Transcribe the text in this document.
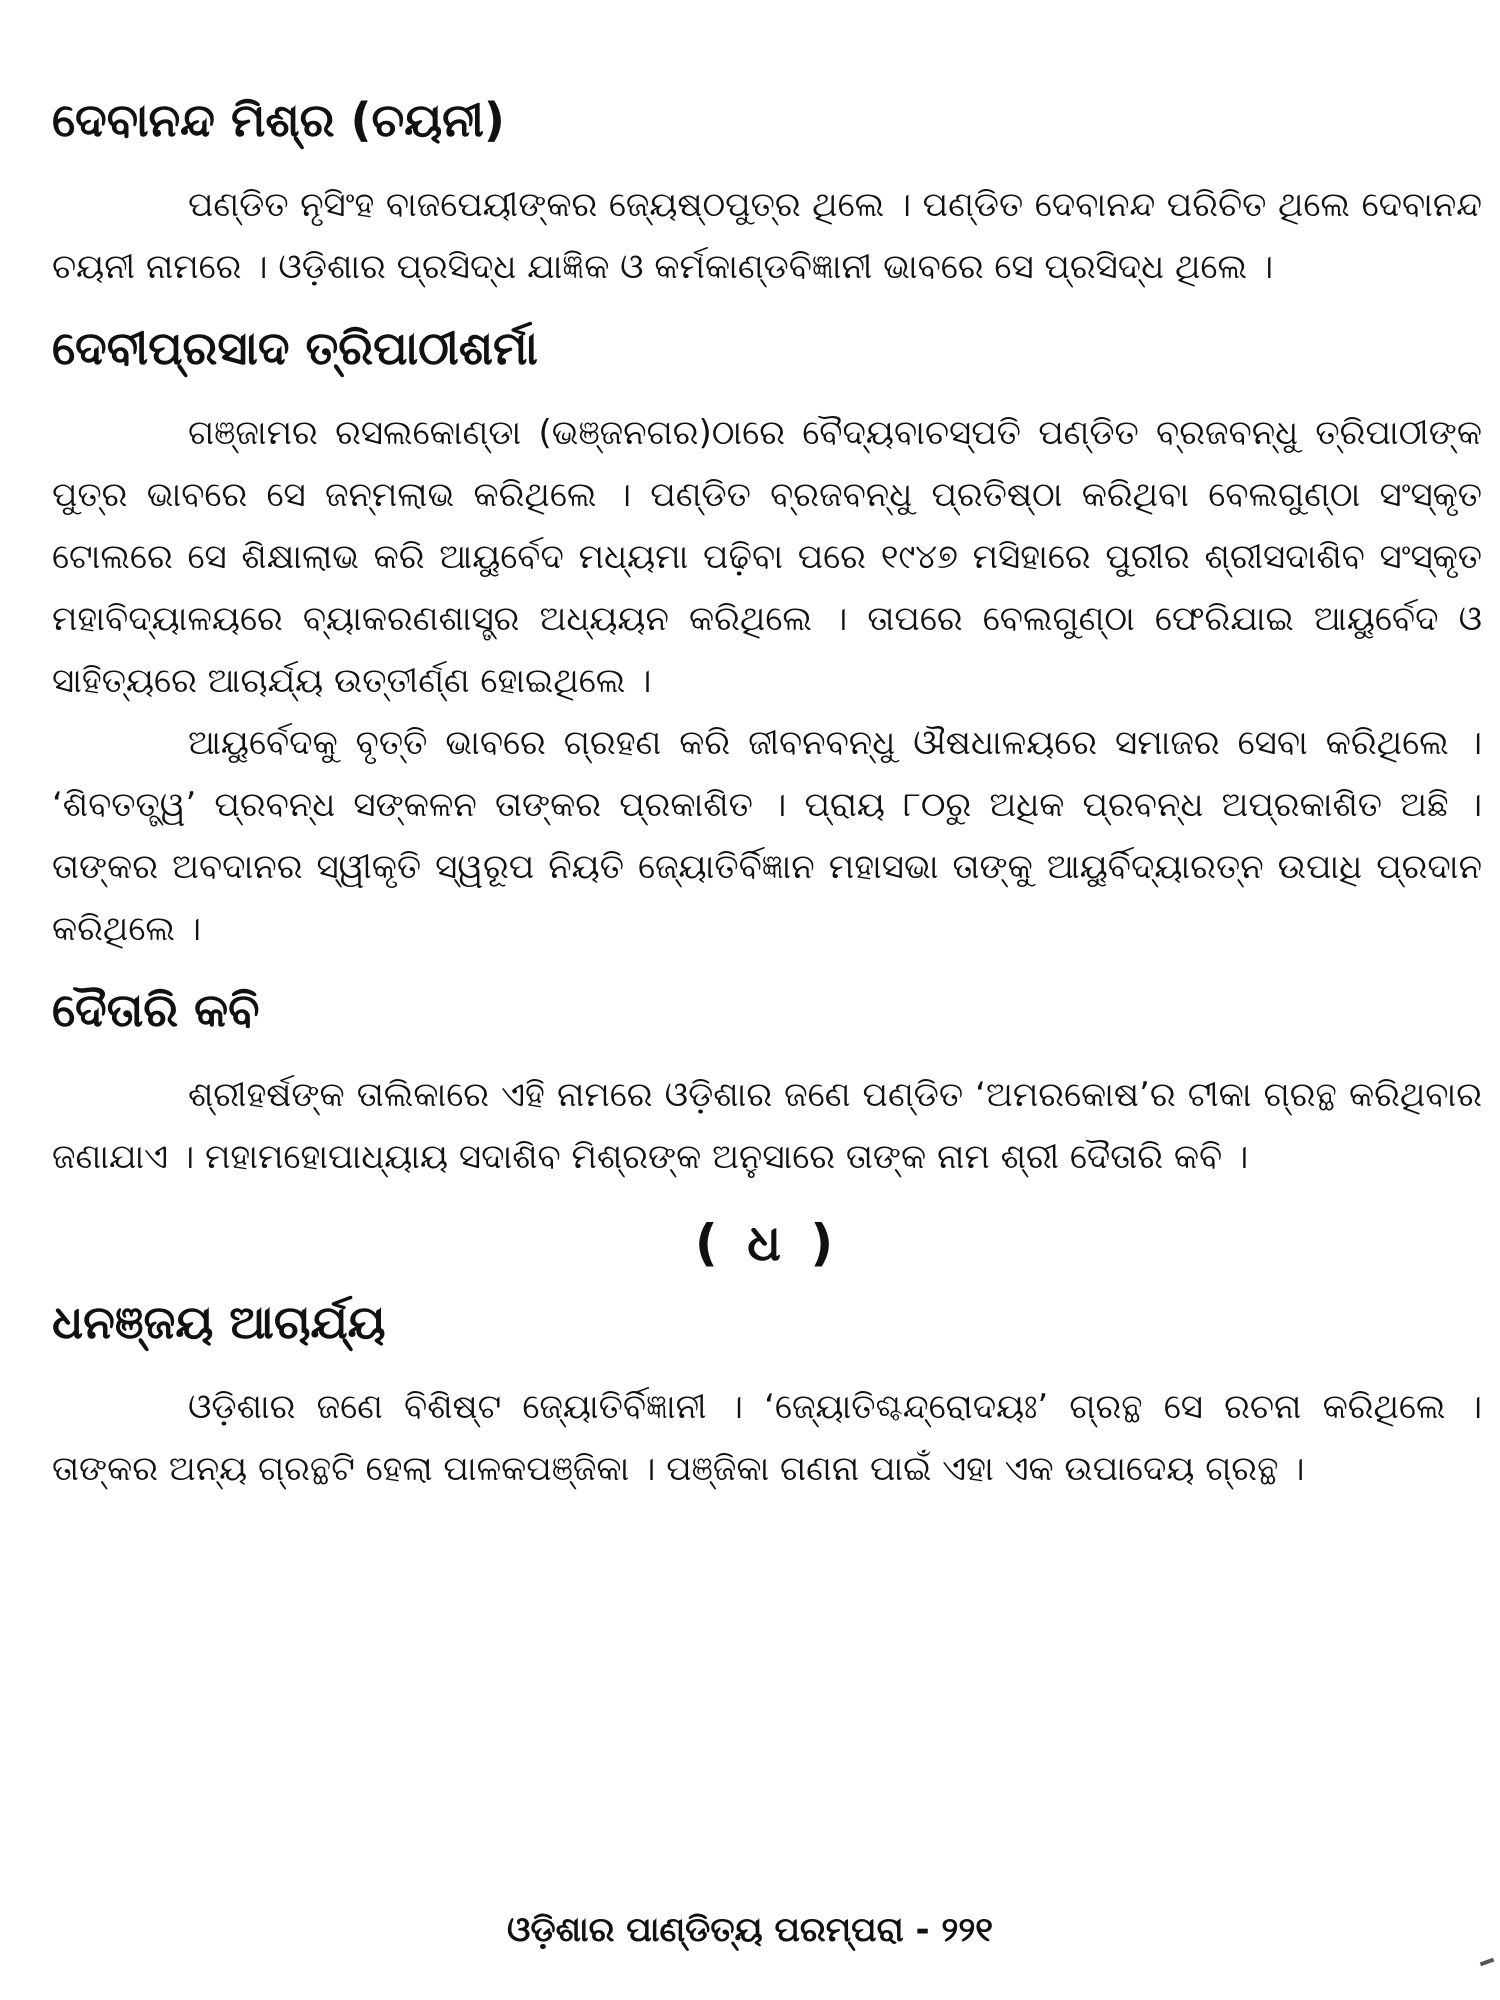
ଦେବାନନ୍ଦ ମିଶ୍ର (ଚୟନୀ)

ପଣ୍ଡିତ ନୃସିଂହ ବାଜପେୟୀଙ୍କର ଜ୍ୟେଷ୍ଠପୁତ୍ର ଥିଲେ । ପଣ୍ଡିତ ଦେବାନନ୍ଦ ପରିଚିତ ଥିଲେ ଦେବାନନ୍ଦ ଚୟନୀ ନାମରେ । ଓଡ଼ିଶାର ପ୍ରସିଦ୍ଧ ଯାଜ୍ଞିକ ଓ କର୍ମକାଣ୍ଡବିଜ୍ଞାନୀ ଭାବରେ ସେ ପ୍ରସିଦ୍ଧ ଥିଲେ ।

ଦେବୀପ୍ରସାଦ ତ୍ରିପାଠୀଶର୍ମା

ଗଞ୍ଜାମର ରସଲକୋଣ୍ଡା (ଭଞ୍ଜନଗର)ଠାରେ ବୈଦ୍ୟବାଚସ୍ପତି ପଣ୍ଡିତ ବ୍ରଜବନ୍ଧୁ ତ୍ରିପାଠୀଙ୍କ ପୁତ୍ର ଭାବରେ ସେ ଜନ୍ମଲାଭ କରିଥିଲେ । ପଣ୍ଡିତ ବ୍ରଜବନ୍ଧୁ ପ୍ରତିଷ୍ଠା କରିଥିବା ବେଲଗୁଣ୍ଠା ସଂସ୍କୃତ ଟୋଲରେ ସେ ଶିକ୍ଷାଲାଭ କରି ଆୟୁର୍ବେଦ ମଧ୍ୟମା ପଢ଼ିବା ପରେ ୧୯୪୭ ମସିହାରେ ପୁରୀର ଶ୍ରୀସଦାଶିବ ସଂସ୍କୃତ ମହାବିଦ୍ୟାଳୟରେ ବ୍ୟାକରଣଶାସ୍ତ୍ର ଅଧ୍ୟୟନ କରିଥିଲେ । ତାପରେ ବେଲଗୁଣ୍ଠା ଫେରିଯାଇ ଆୟୁର୍ବେଦ ଓ ସାହିତ୍ୟରେ ଆଚାର୍ଯ୍ୟ ଉତ୍ତୀର୍ଣ୍ଣ ହୋଇଥିଲେ ।

ଆୟୁର୍ବେଦକୁ ବୃତ୍ତି ଭାବରେ ଗ୍ରହଣ କରି ଜୀବନବନ୍ଧୁ ଔଷଧାଳୟରେ ସମାଜର ସେବା କରିଥିଲେ । ‘ଶିବତତ୍ତ୍ୱ’ ପ୍ରବନ୍ଧ ସଙ୍କଳନ ତାଙ୍କର ପ୍ରକାଶିତ । ପ୍ରାୟ ୮୦ରୁ ଅଧିକ ପ୍ରବନ୍ଧ ଅପ୍ରକାଶିତ ଅଛି । ତାଙ୍କର ଅବଦାନର ସ୍ୱୀକୃତି ସ୍ୱରୂପ ନିୟତି ଜ୍ୟୋତିର୍ବିଜ୍ଞାନ ମହାସଭା ତାଙ୍କୁ ଆୟୁର୍ବିଦ୍ୟାରତ୍ନ ଉପାଧି ପ୍ରଦାନ କରିଥିଲେ ।

ଦୈତାରି କବି

ଶ୍ରୀହର୍ଷଙ୍କ ତାଲିକାରେ ଏହି ନାମରେ ଓଡ଼ିଶାର ଜଣେ ପଣ୍ଡିତ ‘ଅମରକୋଷ’ର ଟୀକା ଗ୍ରନ୍ଥ କରିଥିବାର ଜଣାଯାଏ । ମହାମହୋପାଧ୍ୟାୟ ସଦାଶିବ ମିଶ୍ରଙ୍କ ଅନୁସାରେ ତାଙ୍କ ନାମ ଶ୍ରୀ ଦୈତାରି କବି ।

( ଧ )
ଧନଞ୍ଜୟ ଆଚାର୍ଯ୍ୟ

ଓଡ଼ିଶାର ଜଣେ ବିଶିଷ୍ଟ ଜ୍ୟୋତିର୍ବିଜ୍ଞାନୀ । ‘ଜ୍ୟୋତିଶ୍ଚନ୍ଦ୍ରୋଦୟଃ’ ଗ୍ରନ୍ଥ ସେ ରଚନା କରିଥିଲେ । ତାଙ୍କର ଅନ୍ୟ ଗ୍ରନ୍ଥଟି ହେଲା ପାଳକପଞ୍ଜିକା । ପଞ୍ଜିକା ଗଣନା ପାଇଁ ଏହା ଏକ ଉପାଦେୟ ଗ୍ରନ୍ଥ ।

ଓଡ଼ିଶାର ପାଣ୍ଡିତ୍ୟ ପରମ୍ପରା - ୨୨୧
